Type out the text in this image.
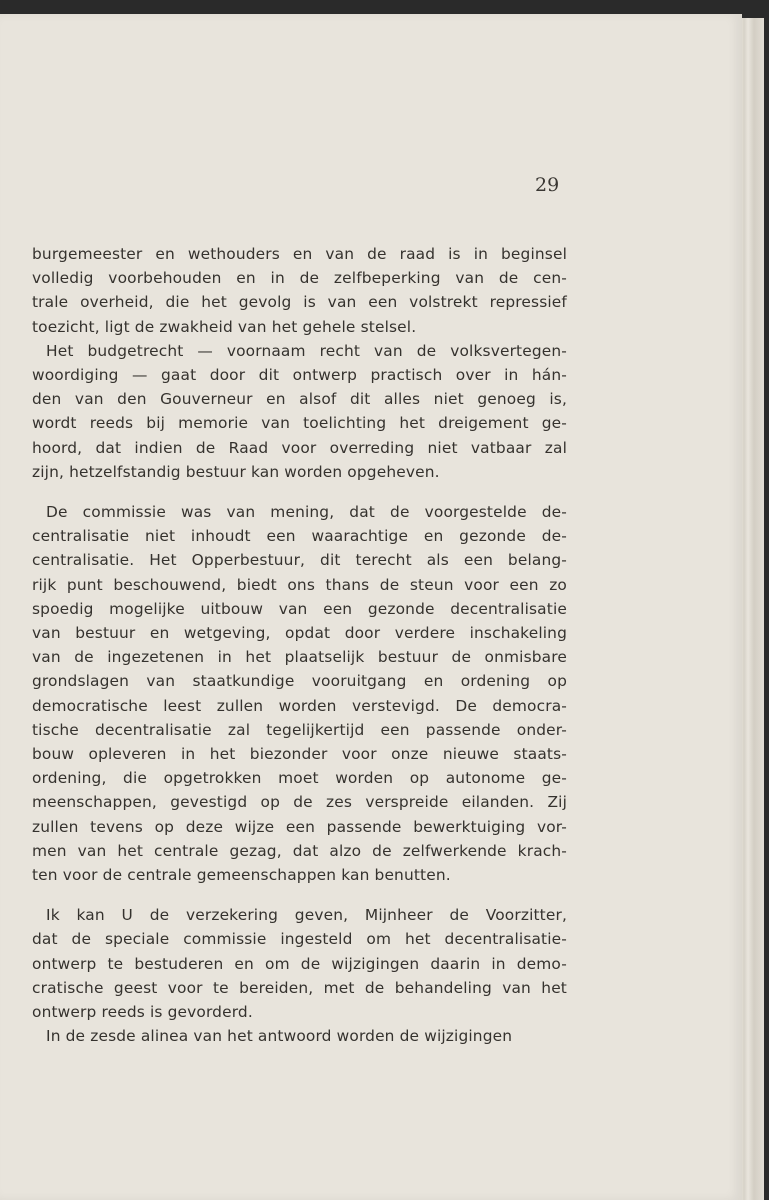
29

burgemeester en wethouders en van de raad is in beginsel
volledig voorbehouden en in de zelfbeperking van de cen-
trale overheid, die het gevolg is van een volstrekt repressief
toezicht, ligt de zwakheid van het gehele stelsel.

Het budgetrecht — voornaam recht van de volksvertegen-
woordiging — gaat door dit ontwerp practisch over in hán-
den van den Gouverneur en alsof dit alles niet genoeg is,
wordt reeds bij memorie van toelichting het dreigement ge-
hoord, dat indien de Raad voor overreding niet vatbaar zal
zijn, hetzelfstandig bestuur kan worden opgeheven.

De commissie was van mening, dat de voorgestelde de-
centralisatie niet inhoudt een waarachtige en gezonde de-
centralisatie. Het Opperbestuur, dit terecht als een belang-
rijk punt beschouwend, biedt ons thans de steun voor een zo
spoedig mogelijke uitbouw van een gezonde decentralisatie
van bestuur en wetgeving, opdat door verdere inschakeling
van de ingezetenen in het plaatselijk bestuur de onmisbare
grondslagen van staatkundige vooruitgang en ordening op
democratische leest zullen worden verstevigd. De democra-
tische decentralisatie zal tegelijkertijd een passende onder-
bouw opleveren in het biezonder voor onze nieuwe staats-
ordening, die opgetrokken moet worden op autonome ge-
meenschappen, gevestigd op de zes verspreide eilanden. Zij
zullen tevens op deze wijze een passende bewerktuiging vor-
men van het centrale gezag, dat alzo de zelfwerkende krach-
ten voor de centrale gemeenschappen kan benutten.

Ik kan U de verzekering geven, Mijnheer de Voorzitter,
dat de speciale commissie ingesteld om het decentralisatie-
ontwerp te bestuderen en om de wijzigingen daarin in demo-
cratische geest voor te bereiden, met de behandeling van het
ontwerp reeds is gevorderd.

In de zesde alinea van het antwoord worden de wijzigingen
